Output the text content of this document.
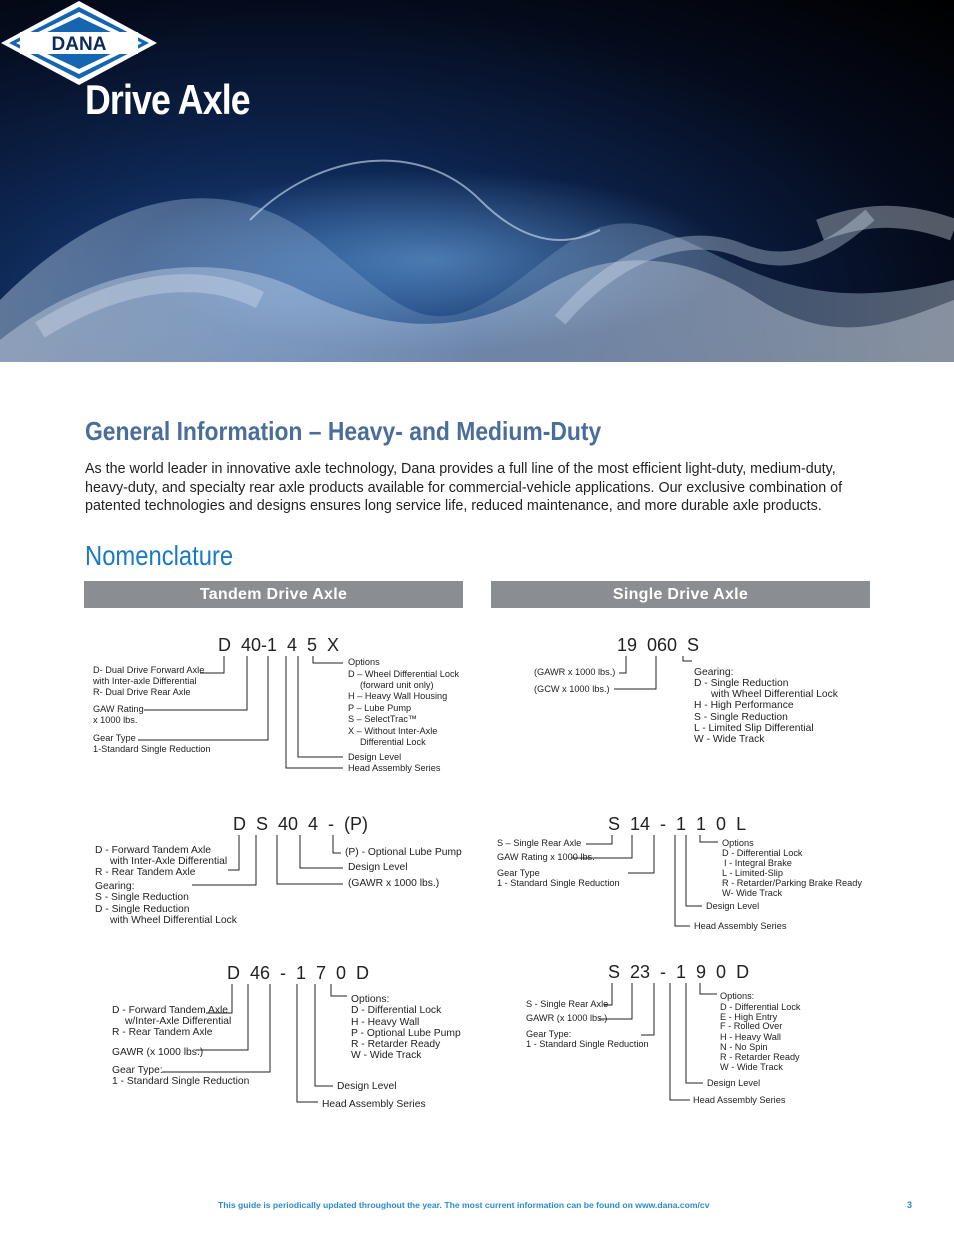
Drive Axle
DANA
General Information – Heavy- and Medium-Duty
As the world leader in innovative axle technology, Dana provides a full line of the most efficient light-duty, medium-duty, heavy-duty, and specialty rear axle products available for commercial-vehicle applications. Our exclusive combination of patented technologies and designs ensures long service life, reduced maintenance, and more durable axle products.
Nomenclature
Tandem Drive Axle	Single Drive Axle
D  40-1  4  5  X
D- Dual Drive Forward Axle
with Inter-axle Differential
R- Dual Drive Rear Axle
GAW Rating
x 1000 lbs.
Gear Type
1-Standard Single Reduction
Options
D – Wheel Differential Lock
(forward unit only)
H – Heavy Wall Housing
P – Lube Pump
S – SelectTrac™
X – Without Inter-Axle
Differential Lock
Design Level
Head Assembly Series
D  S  40  4  -  (P)
D - Forward Tandem Axle
with Inter-Axle Differential
R - Rear Tandem Axle
Gearing:
S - Single Reduction
D - Single Reduction
with Wheel Differential Lock
(P) - Optional Lube Pump
Design Level
(GAWR x 1000 lbs.)
D  46  -  1  7  0  D
D - Forward Tandem Axle
w/Inter-Axle Differential
R - Rear Tandem Axle
GAWR (x 1000 lbs.)
Gear Type:
1 - Standard Single Reduction
Options:
D - Differential Lock
H - Heavy Wall
P - Optional Lube Pump
R - Retarder Ready
W - Wide Track
Design Level
Head Assembly Series
19  060  S
(GAWR x 1000 lbs.)
(GCW x 1000 lbs.)
Gearing:
D - Single Reduction
with Wheel Differential Lock
H - High Performance
S - Single Reduction
L - Limited Slip Differential
W - Wide Track
S  14  -  1  1  0  L
S – Single Rear Axle
GAW Rating x 1000 lbs.
Gear Type
1 - Standard Single Reduction
Options
D - Differential Lock
I - Integral Brake
L - Limited-Slip
R - Retarder/Parking Brake Ready
W- Wide Track
Design Level
Head Assembly Series
S  23  -  1  9  0  D
S - Single Rear Axle
GAWR (x 1000 lbs.)
Gear Type:
1 - Standard Single Reduction
Options:
D - Differential Lock
E - High Entry
F - Rolled Over
H - Heavy Wall
N - No Spin
R - Retarder Ready
W - Wide Track
Design Level
Head Assembly Series
This guide is periodically updated throughout the year. The most current information can be found on www.dana.com/cv	3
